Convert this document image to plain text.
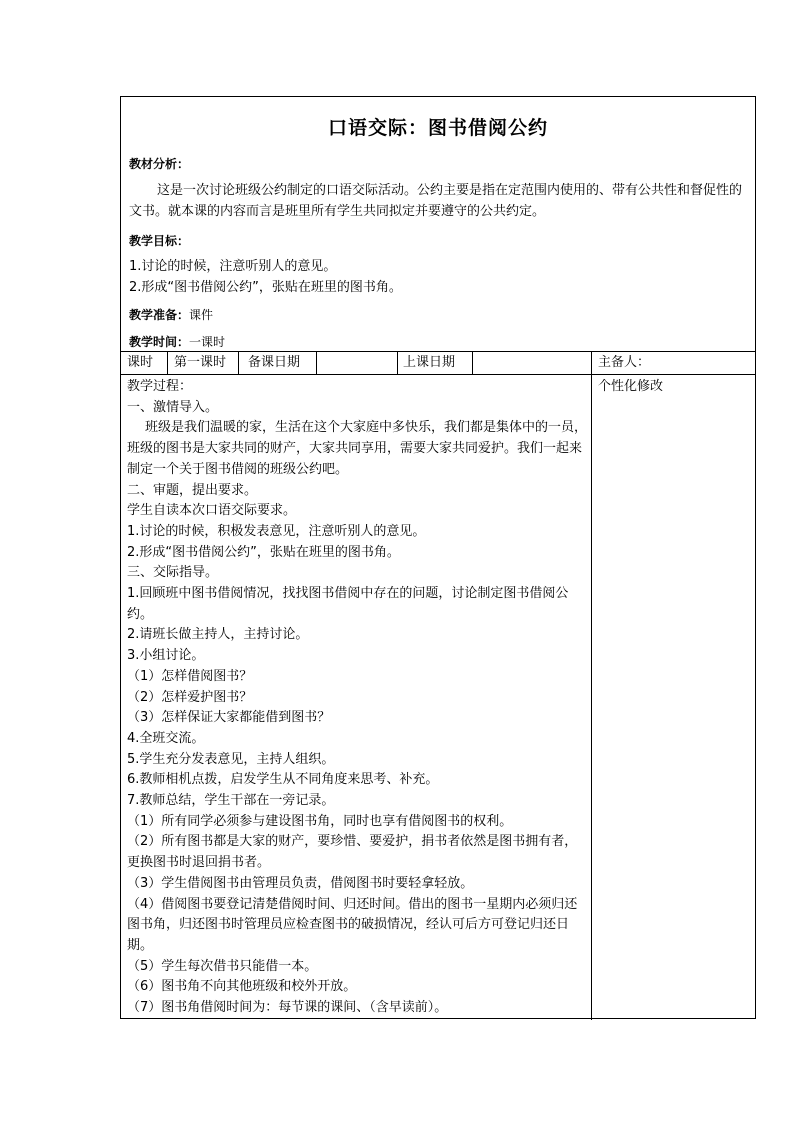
口语交际：图书借阅公约
教材分析：
这是一次讨论班级公约制定的口语交际活动。公约主要是指在定范围内使用的、带有公共性和督促性的文书。就本课的内容而言是班里所有学生共同拟定并要遵守的公共约定。
教学目标：
1.讨论的时候，注意听别人的意见。
2.形成“图书借阅公约”，张贴在班里的图书角。
教学准备：课件
教学时间：一课时
课时 第一课时 备课日期	上课日期	主备人：
教学过程：
一、激情导入。
班级是我们温暖的家，生活在这个大家庭中多快乐，我们都是集体中的一员，班级的图书是大家共同的财产，大家共同享用，需要大家共同爱护。我们一起来制定一个关于图书借阅的班级公约吧。
二、审题，提出要求。
学生自读本次口语交际要求。
1.讨论的时候，积极发表意见，注意听别人的意见。
2.形成“图书借阅公约”，张贴在班里的图书角。
三、交际指导。
1.回顾班中图书借阅情况，找找图书借阅中存在的问题，讨论制定图书借阅公约。
2.请班长做主持人，主持讨论。
3.小组讨论。
（1）怎样借阅图书？
（2）怎样爱护图书？
（3）怎样保证大家都能借到图书？
4.全班交流。
5.学生充分发表意见，主持人组织。
6.教师相机点拨，启发学生从不同角度来思考、补充。
7.教师总结，学生干部在一旁记录。
（1）所有同学必须参与建设图书角，同时也享有借阅图书的权利。
（2）所有图书都是大家的财产，要珍惜、要爱护，捐书者依然是图书拥有者，更换图书时退回捐书者。
（3）学生借阅图书由管理员负责，借阅图书时要轻拿轻放。
（4）借阅图书要登记清楚借阅时间、归还时间。借出的图书一星期内必须归还图书角，归还图书时管理员应检查图书的破损情况，经认可后方可登记归还日期。
（5）学生每次借书只能借一本。
（6）图书角不向其他班级和校外开放。
（7）图书角借阅时间为：每节课的课间、（含早读前）。
个性化修改
